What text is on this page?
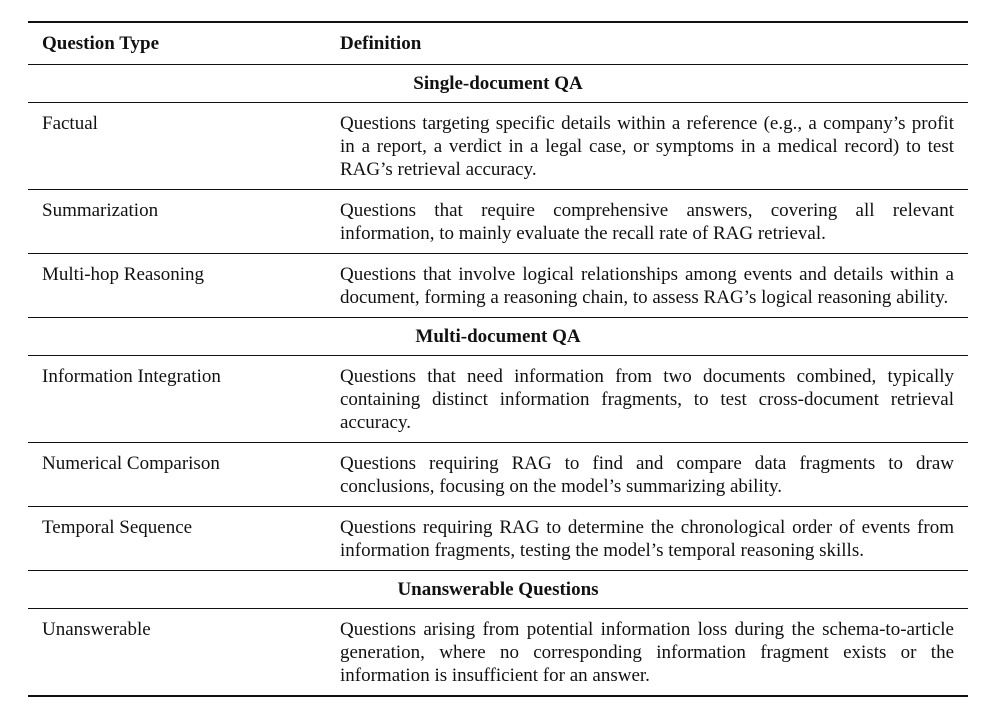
Question Type	Definition
Single-document QA	
Factual	Questions targeting specific details within a reference (e.g., a company’s profit in a report, a verdict in a legal case, or symptoms in a medical record) to test RAG’s retrieval accuracy.
Summarization	Questions that require comprehensive answers, covering all relevant information, to mainly evaluate the recall rate of RAG retrieval.
Multi-hop Reasoning	Questions that involve logical relationships among events and details within a document, forming a reasoning chain, to assess RAG’s logical reasoning ability.
Multi-document QA	
Information Integration	Questions that need information from two documents combined, typically containing distinct information fragments, to test cross-document retrieval accuracy.
Numerical Comparison	Questions requiring RAG to find and compare data fragments to draw conclusions, focusing on the model’s summarizing ability.
Temporal Sequence	Questions requiring RAG to determine the chronological order of events from information fragments, testing the model’s temporal reasoning skills.
Unanswerable Questions	
Unanswerable	Questions arising from potential information loss during the schema-to-article generation, where no corresponding information fragment exists or the information is insufficient for an answer.
